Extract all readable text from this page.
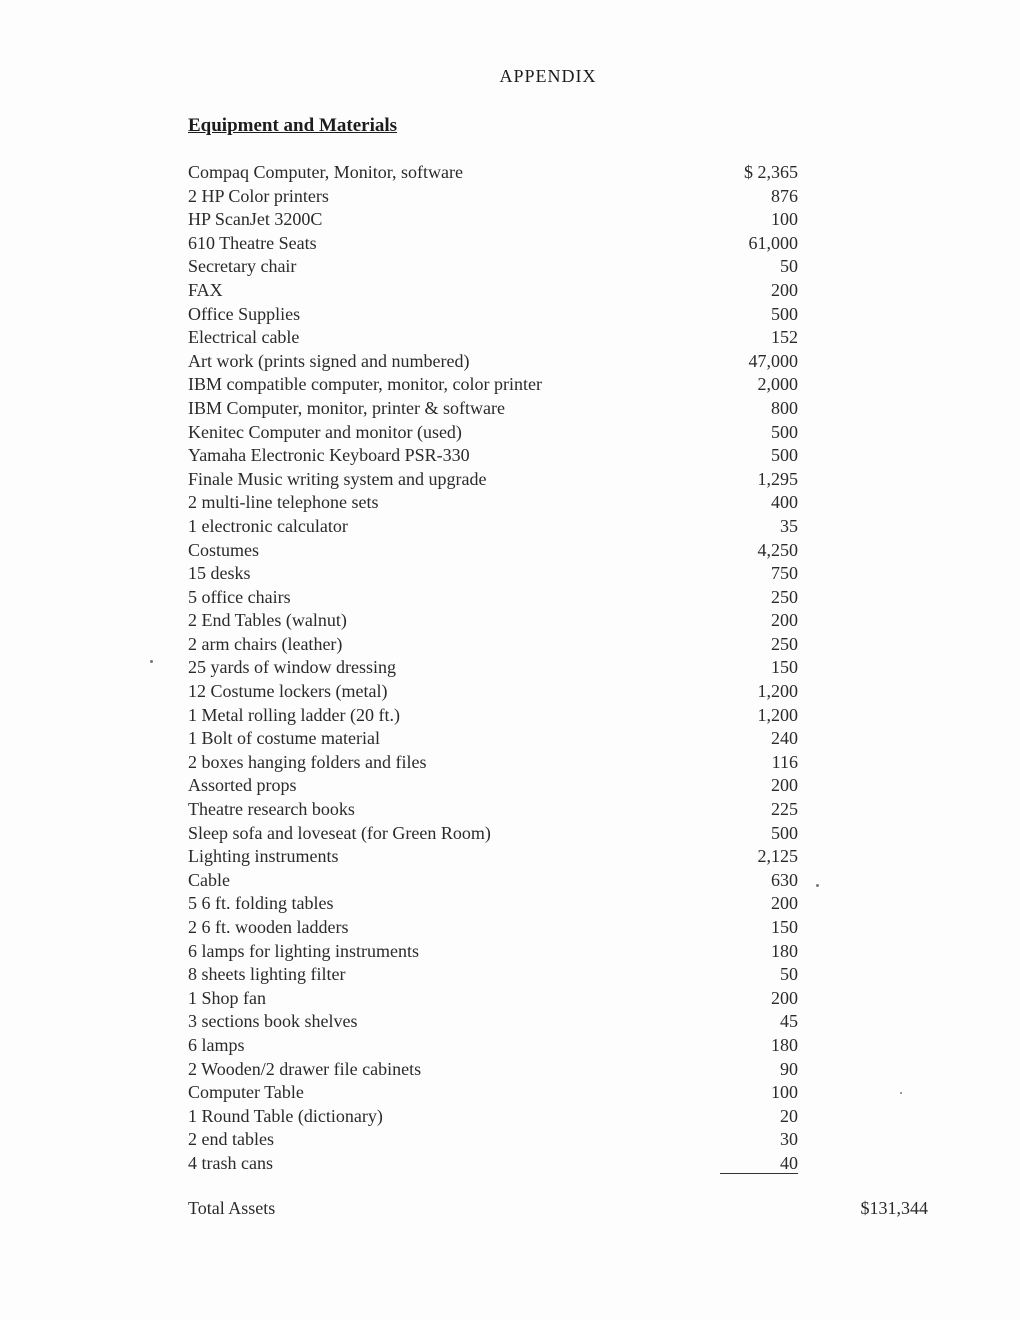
APPENDIX
Equipment and Materials
Compaq Computer, Monitor, software	$ 2,365
2 HP Color printers	876
HP ScanJet 3200C	100
610 Theatre Seats	61,000
Secretary chair	50
FAX	200
Office Supplies	500
Electrical cable	152
Art work (prints signed and numbered)	47,000
IBM compatible computer, monitor, color printer	2,000
IBM Computer, monitor, printer & software	800
Kenitec Computer and monitor (used)	500
Yamaha Electronic Keyboard PSR-330	500
Finale Music writing system and upgrade	1,295
2 multi-line telephone sets	400
1 electronic calculator	35
Costumes	4,250
15 desks	750
5 office chairs	250
2 End Tables (walnut)	200
2 arm chairs (leather)	250
25 yards of window dressing	150
12 Costume lockers (metal)	1,200
1 Metal rolling ladder (20 ft.)	1,200
1 Bolt of costume material	240
2 boxes hanging folders and files	116
Assorted props	200
Theatre research books	225
Sleep sofa and loveseat (for Green Room)	500
Lighting instruments	2,125
Cable	630
5 6 ft. folding tables	200
2 6 ft. wooden ladders	150
6 lamps for lighting instruments	180
8 sheets lighting filter	50
1 Shop fan	200
3 sections book shelves	45
6 lamps	180
2 Wooden/2 drawer file cabinets	90
Computer Table	100
1 Round Table (dictionary)	20
2 end tables	30
4 trash cans	40
Total Assets	$131,344
